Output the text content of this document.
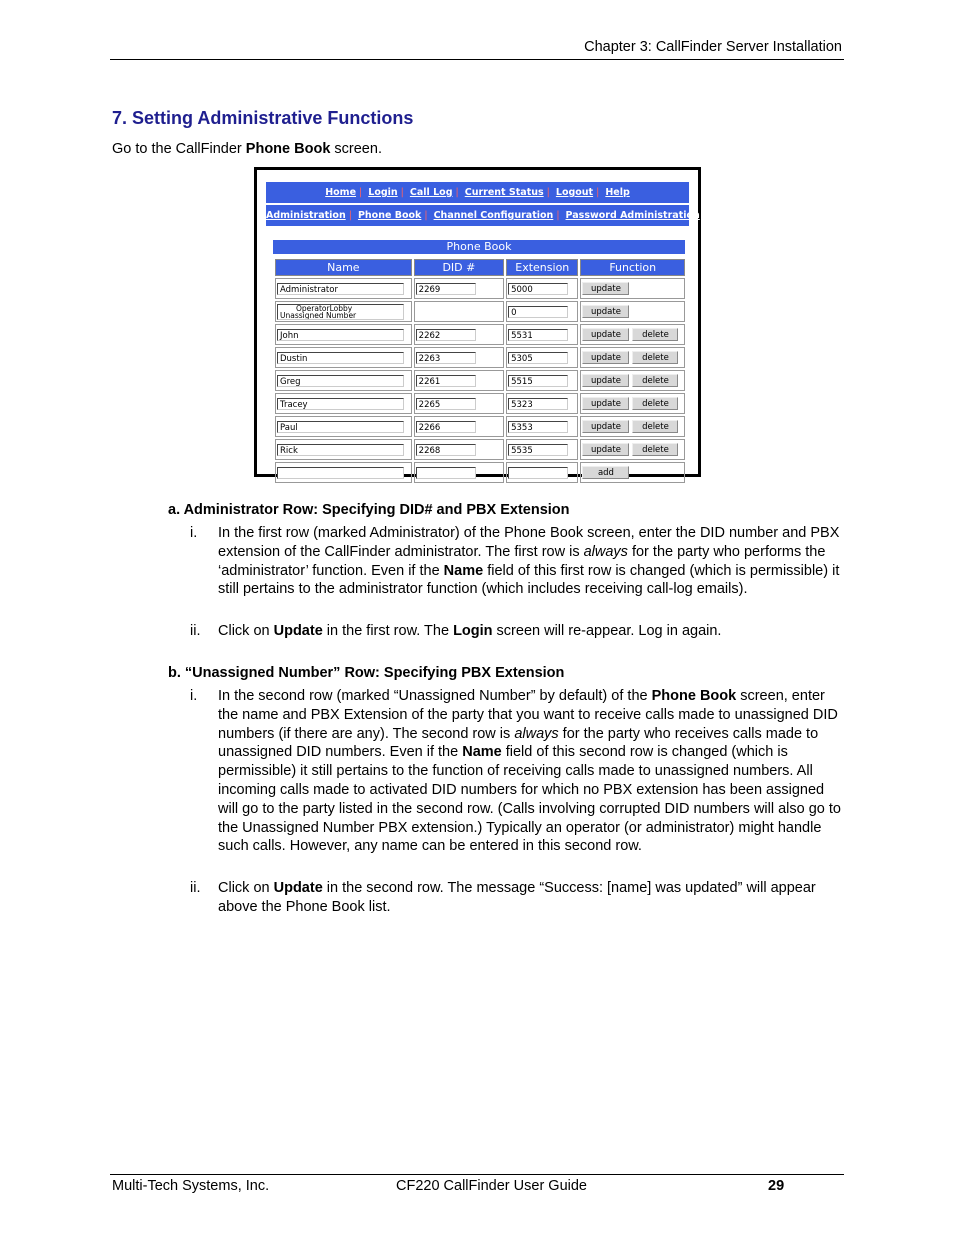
Chapter 3: CallFinder Server Installation
7. Setting Administrative Functions
Go to the CallFinder Phone Book screen.
Home | Login | Call Log | Current Status | Logout | Help
Administration | Phone Book | Channel Configuration | Password Administration
Phone Book
Name	DID #	Extension	Function
Administrator	2269	5000	update

OperatorLobby
Unassigned Number		0	update
John	2262	5531	update delete
Dustin	2263	5305	update delete
Greg	2261	5515	update delete
Tracey	2265	5323	update delete
Paul	2266	5353	update delete
Rick	2268	5535	update delete
			add
a. Administrator Row: Specifying DID# and PBX Extension
i. In the first row (marked Administrator) of the Phone Book screen, enter the DID number and PBX extension of the CallFinder administrator. The first row is always for the party who performs the ‘administrator’ function. Even if the Name field of this first row is changed (which is permissible) it still pertains to the administrator function (which includes receiving call-log emails).
ii. Click on Update in the first row. The Login screen will re-appear. Log in again.
b. “Unassigned Number” Row: Specifying PBX Extension
i. In the second row (marked “Unassigned Number” by default) of the Phone Book screen, enter the name and PBX Extension of the party that you want to receive calls made to unassigned DID numbers (if there are any). The second row is always for the party who receives calls made to unassigned DID numbers. Even if the Name field of this second row is changed (which is permissible) it still pertains to the function of receiving calls made to unassigned numbers. All incoming calls made to activated DID numbers for which no PBX extension has been assigned will go to the party listed in the second row. (Calls involving corrupted DID numbers will also go to the Unassigned Number PBX extension.) Typically an operator (or administrator) might handle such calls. However, any name can be entered in this second row.
ii. Click on Update in the second row. The message “Success: [name] was updated” will appear above the Phone Book list.
Multi-Tech Systems, Inc.	CF220 CallFinder User Guide	29
